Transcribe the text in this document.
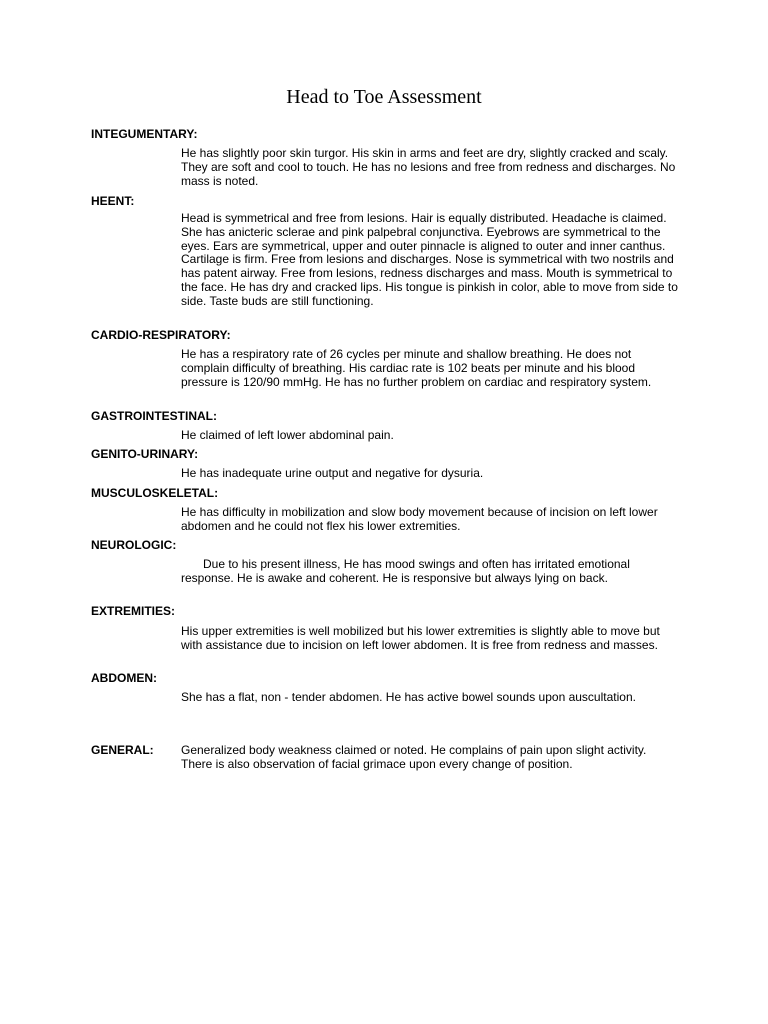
Head to Toe Assessment
INTEGUMENTARY:
He has slightly poor skin turgor. His skin in arms and feet are dry, slightly cracked and scaly. They are soft and cool to touch. He has no lesions and free from redness and discharges. No mass is noted.
HEENT:
Head is symmetrical and free from lesions. Hair is equally distributed. Headache is claimed. She has anicteric sclerae and pink palpebral conjunctiva. Eyebrows are symmetrical to the eyes. Ears are symmetrical, upper and outer pinnacle is aligned to outer and inner canthus. Cartilage is firm. Free from lesions and discharges. Nose is symmetrical with two nostrils and has patent airway. Free from lesions, redness discharges and mass. Mouth is symmetrical to the face. He has dry and cracked lips. His tongue is pinkish in color, able to move from side to side. Taste buds are still functioning.
CARDIO-RESPIRATORY:
He has a respiratory rate of 26 cycles per minute and shallow breathing. He does not complain difficulty of breathing. His cardiac rate is 102 beats per minute and his blood pressure is 120/90 mmHg. He has no further problem on cardiac and respiratory system.
GASTROINTESTINAL:
He claimed of left lower abdominal pain.
GENITO-URINARY:
He has inadequate urine output and negative for dysuria.
MUSCULOSKELETAL:
He has difficulty in mobilization and slow body movement because of incision on left lower abdomen and he could not flex his lower extremities.
NEUROLOGIC:
Due to his present illness, He has mood swings and often has irritated emotional response. He is awake and coherent. He is responsive but always lying on back.
EXTREMITIES:
His upper extremities is well mobilized but his lower extremities is slightly able to move but with assistance due to incision on left lower abdomen. It is free from redness and masses.
ABDOMEN:
She has a flat, non - tender abdomen. He has active bowel sounds upon auscultation.
GENERAL: Generalized body weakness claimed or noted. He complains of pain upon slight activity. There is also observation of facial grimace upon every change of position.
